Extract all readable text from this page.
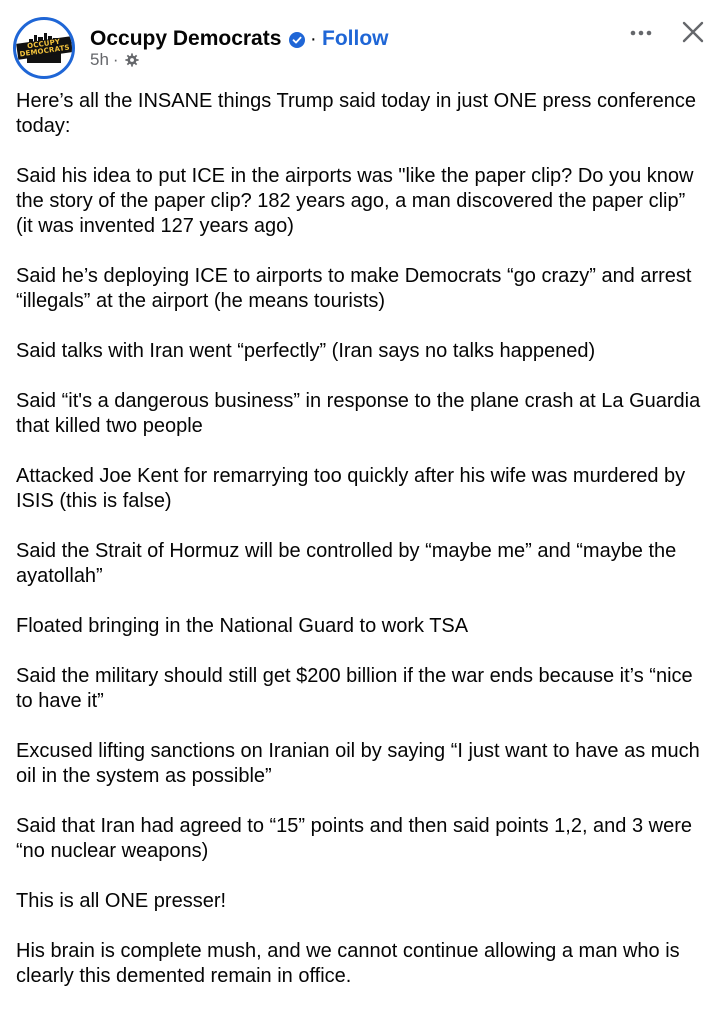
OCCUPY DEMOCRATS
Occupy Democrats · Follow
5h ·

Here’s all the INSANE things Trump said today in just ONE press conference today:

Said his idea to put ICE in the airports was "like the paper clip? Do you know the story of the paper clip? 182 years ago, a man discovered the paper clip” (it was invented 127 years ago)

Said he’s deploying ICE to airports to make Democrats “go crazy” and arrest “illegals” at the airport (he means tourists)

Said talks with Iran went “perfectly” (Iran says no talks happened)

Said “it's a dangerous business” in response to the plane crash at La Guardia that killed two people

Attacked Joe Kent for remarrying too quickly after his wife was murdered by ISIS (this is false)

Said the Strait of Hormuz will be controlled by “maybe me” and “maybe the ayatollah”

Floated bringing in the National Guard to work TSA

Said the military should still get $200 billion if the war ends because it’s “nice to have it”

Excused lifting sanctions on Iranian oil by saying “I just want to have as much oil in the system as possible”

Said that Iran had agreed to “15” points and then said points 1,2, and 3 were “no nuclear weapons)

This is all ONE presser!

His brain is complete mush, and we cannot continue allowing a man who is clearly this demented remain in office.
